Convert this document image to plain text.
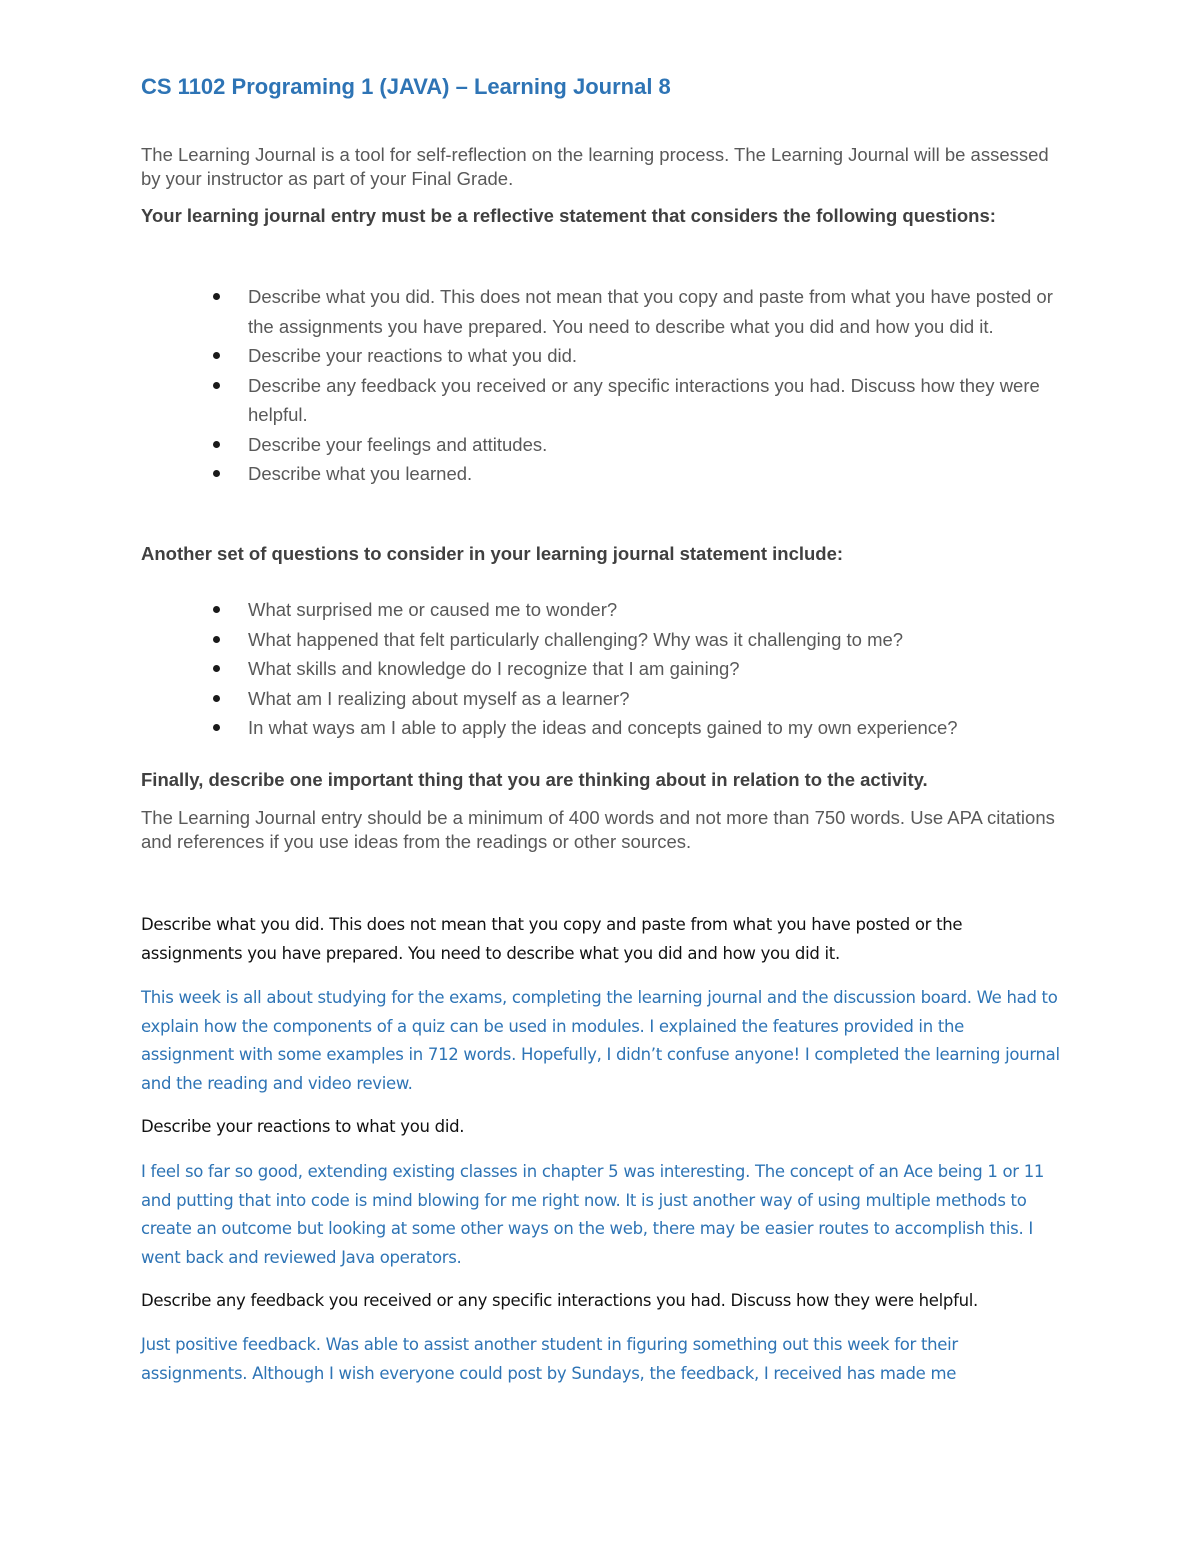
CS 1102 Programing 1 (JAVA) – Learning Journal 8

The Learning Journal is a tool for self-reflection on the learning process. The Learning Journal will be assessed by your instructor as part of your Final Grade.

Your learning journal entry must be a reflective statement that considers the following questions:

Describe what you did. This does not mean that you copy and paste from what you have posted or the assignments you have prepared. You need to describe what you did and how you did it.
Describe your reactions to what you did.
Describe any feedback you received or any specific interactions you had. Discuss how they were helpful.
Describe your feelings and attitudes.
Describe what you learned.

Another set of questions to consider in your learning journal statement include:

What surprised me or caused me to wonder?
What happened that felt particularly challenging? Why was it challenging to me?
What skills and knowledge do I recognize that I am gaining?
What am I realizing about myself as a learner?
In what ways am I able to apply the ideas and concepts gained to my own experience?

Finally, describe one important thing that you are thinking about in relation to the activity.

The Learning Journal entry should be a minimum of 400 words and not more than 750 words. Use APA citations and references if you use ideas from the readings or other sources.

Describe what you did. This does not mean that you copy and paste from what you have posted or the assignments you have prepared. You need to describe what you did and how you did it.

This week is all about studying for the exams, completing the learning journal and the discussion board. We had to explain how the components of a quiz can be used in modules. I explained the features provided in the assignment with some examples in 712 words. Hopefully, I didn’t confuse anyone! I completed the learning journal and the reading and video review.

Describe your reactions to what you did.

I feel so far so good, extending existing classes in chapter 5 was interesting. The concept of an Ace being 1 or 11 and putting that into code is mind blowing for me right now. It is just another way of using multiple methods to create an outcome but looking at some other ways on the web, there may be easier routes to accomplish this. I went back and reviewed Java operators.

Describe any feedback you received or any specific interactions you had. Discuss how they were helpful.

Just positive feedback. Was able to assist another student in figuring something out this week for their assignments. Although I wish everyone could post by Sundays, the feedback, I received has made me
